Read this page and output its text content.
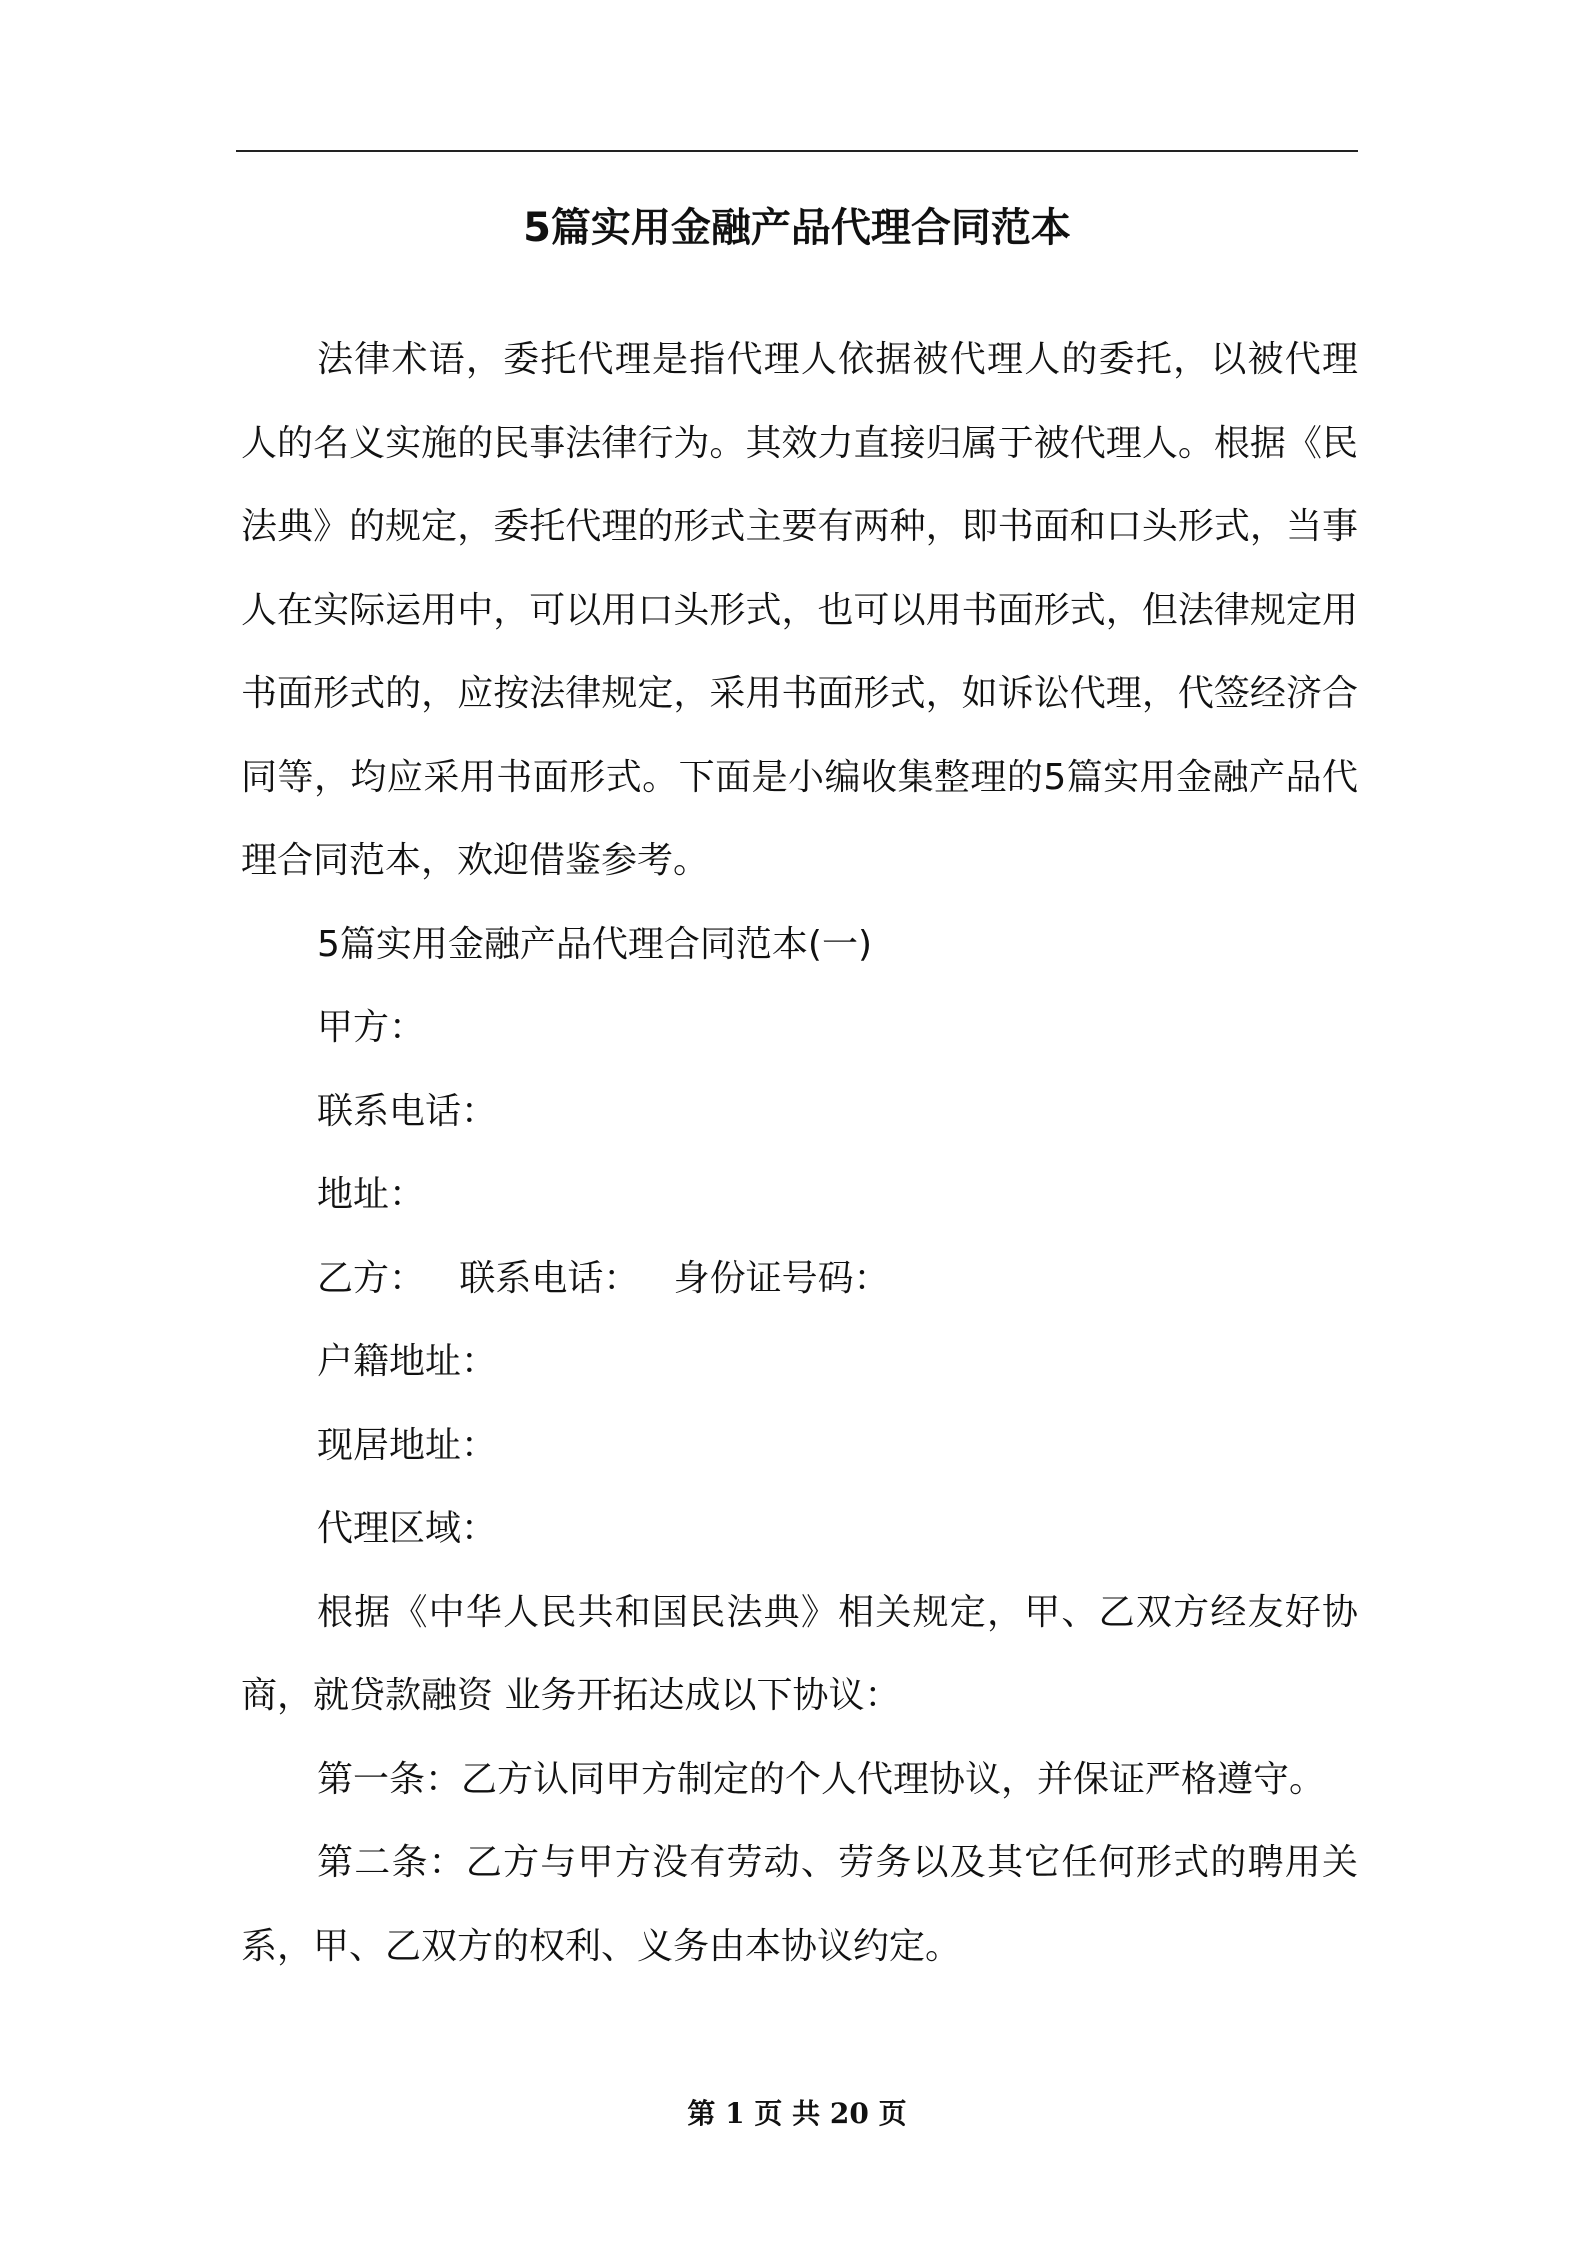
5篇实用金融产品代理合同范本

法律术语，委托代理是指代理人依据被代理人的委托，以被代理人的名义实施的民事法律行为。其效力直接归属于被代理人。根据《民法典》的规定，委托代理的形式主要有两种，即书面和口头形式，当事人在实际运用中，可以用口头形式，也可以用书面形式，但法律规定用书面形式的，应按法律规定，采用书面形式，如诉讼代理，代签经济合同等，均应采用书面形式。下面是小编收集整理的5篇实用金融产品代理合同范本，欢迎借鉴参考。

5篇实用金融产品代理合同范本(一)

甲方：

联系电话：

地址：

乙方：   联系电话：   身份证号码：

户籍地址：

现居地址：

代理区域：

根据《中华人民共和国民法典》相关规定，甲、乙双方经友好协商，就贷款融资 业务开拓达成以下协议：

第一条：乙方认同甲方制定的个人代理协议，并保证严格遵守。

第二条：乙方与甲方没有劳动、劳务以及其它任何形式的聘用关系，甲、乙双方的权利、义务由本协议约定。

第 1 页 共 20 页
